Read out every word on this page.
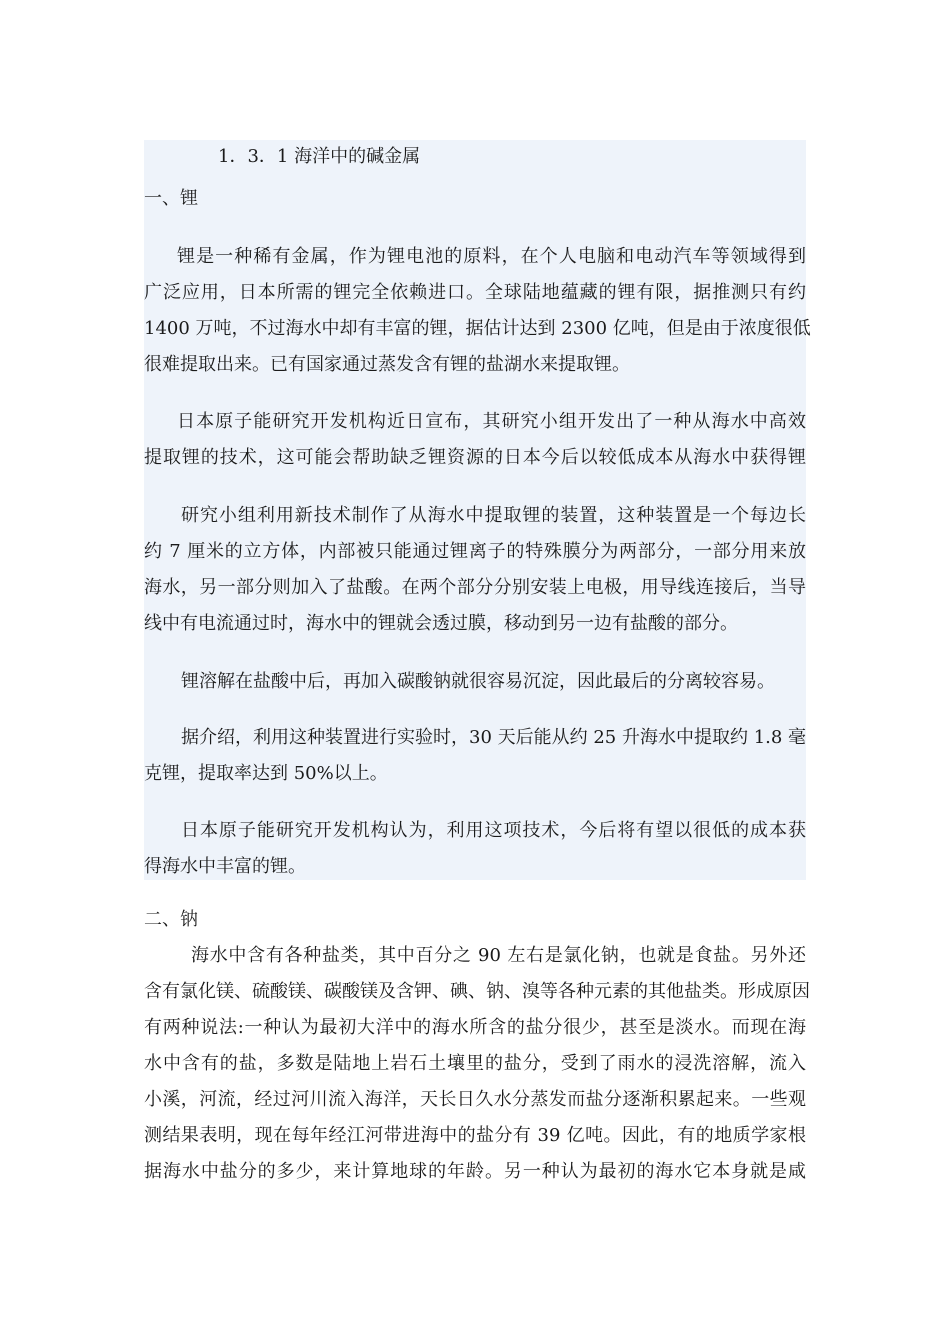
1．3．1 海洋中的碱金属
一、锂
锂是一种稀有金属，作为锂电池的原料，在个人电脑和电动汽车等领域得到
广泛应用，日本所需的锂完全依赖进口。全球陆地蕴藏的锂有限，据推测只有约
1400 万吨，不过海水中却有丰富的锂，据估计达到 2300 亿吨，但是由于浓度很低
很难提取出来。已有国家通过蒸发含有锂的盐湖水来提取锂。
日本原子能研究开发机构近日宣布，其研究小组开发出了一种从海水中高效
提取锂的技术，这可能会帮助缺乏锂资源的日本今后以较低成本从海水中获得锂
研究小组利用新技术制作了从海水中提取锂的装置，这种装置是一个每边长
约 7 厘米的立方体，内部被只能通过锂离子的特殊膜分为两部分，一部分用来放
海水，另一部分则加入了盐酸。在两个部分分别安装上电极，用导线连接后，当导
线中有电流通过时，海水中的锂就会透过膜，移动到另一边有盐酸的部分。
锂溶解在盐酸中后，再加入碳酸钠就很容易沉淀，因此最后的分离较容易。
据介绍，利用这种装置进行实验时，30 天后能从约 25 升海水中提取约 1.8 毫
克锂，提取率达到 50%以上。
日本原子能研究开发机构认为，利用这项技术，今后将有望以很低的成本获
得海水中丰富的锂。
二、钠
海水中含有各种盐类，其中百分之 90 左右是氯化钠，也就是食盐。另外还
含有氯化镁、硫酸镁、碳酸镁及含钾、碘、钠、溴等各种元素的其他盐类。形成原因
有两种说法:一种认为最初大洋中的海水所含的盐分很少，甚至是淡水。而现在海
水中含有的盐，多数是陆地上岩石土壤里的盐分，受到了雨水的浸洗溶解，流入
小溪，河流，经过河川流入海洋，天长日久水分蒸发而盐分逐渐积累起来。一些观
测结果表明，现在每年经江河带进海中的盐分有 39 亿吨。因此，有的地质学家根
据海水中盐分的多少，来计算地球的年龄。另一种认为最初的海水它本身就是咸
